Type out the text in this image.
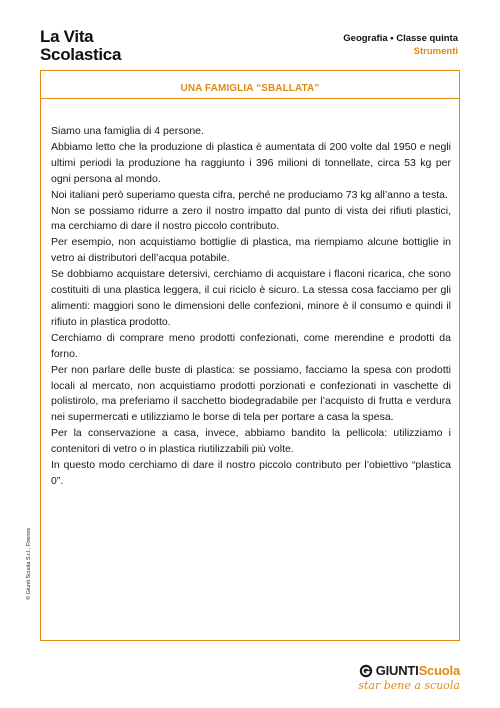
La Vita
Scolastica
Geografia • Classe quinta
Strumenti
UNA FAMIGLIA “SBALLATA”

Siamo una famiglia di 4 persone.

Abbiamo letto che la produzione di plastica è aumentata di 200 volte dal 1950 e negli ultimi periodi la produzione ha raggiunto i 396 milioni di tonnellate, circa 53 kg per ogni persona al mondo.

Noi italiani però superiamo questa cifra, perché ne produciamo 73 kg all’anno a testa.

Non se possiamo ridurre a zero il nostro impatto dal punto di vista dei rifiuti plastici, ma cerchiamo di dare il nostro piccolo contributo.

Per esempio, non acquistiamo bottiglie di plastica, ma riempiamo alcune bottiglie in vetro ai distributori dell’acqua potabile.

Se dobbiamo acquistare detersivi, cerchiamo di acquistare i flaconi ricarica, che sono costituiti di una plastica leggera, il cui riciclo è sicuro. La stessa cosa facciamo per gli alimenti: maggiori sono le dimensioni delle confezioni, minore è il consumo e quindi il rifiuto in plastica prodotto.

Cerchiamo di comprare meno prodotti confezionati, come merendine e prodotti da forno.

Per non parlare delle buste di plastica: se possiamo, facciamo la spesa con prodotti locali al mercato, non acquistiamo prodotti porzionati e confezionati in vaschette di polistirolo, ma preferiamo il sacchetto biodegradabile per l’acquisto di frutta e verdura nei supermercati e utilizziamo le borse di tela per portare a casa la spesa.

Per la conservazione a casa, invece, abbiamo bandito la pellicola: utilizziamo i contenitori di vetro o in plastica riutilizzabili più volte.

In questo modo cerchiamo di dare il nostro piccolo contributo per l’obiettivo “plastica 0”.

© Giunti Scuola S.r.l., Firenze
GIUNTI Scuola
star bene a scuola
